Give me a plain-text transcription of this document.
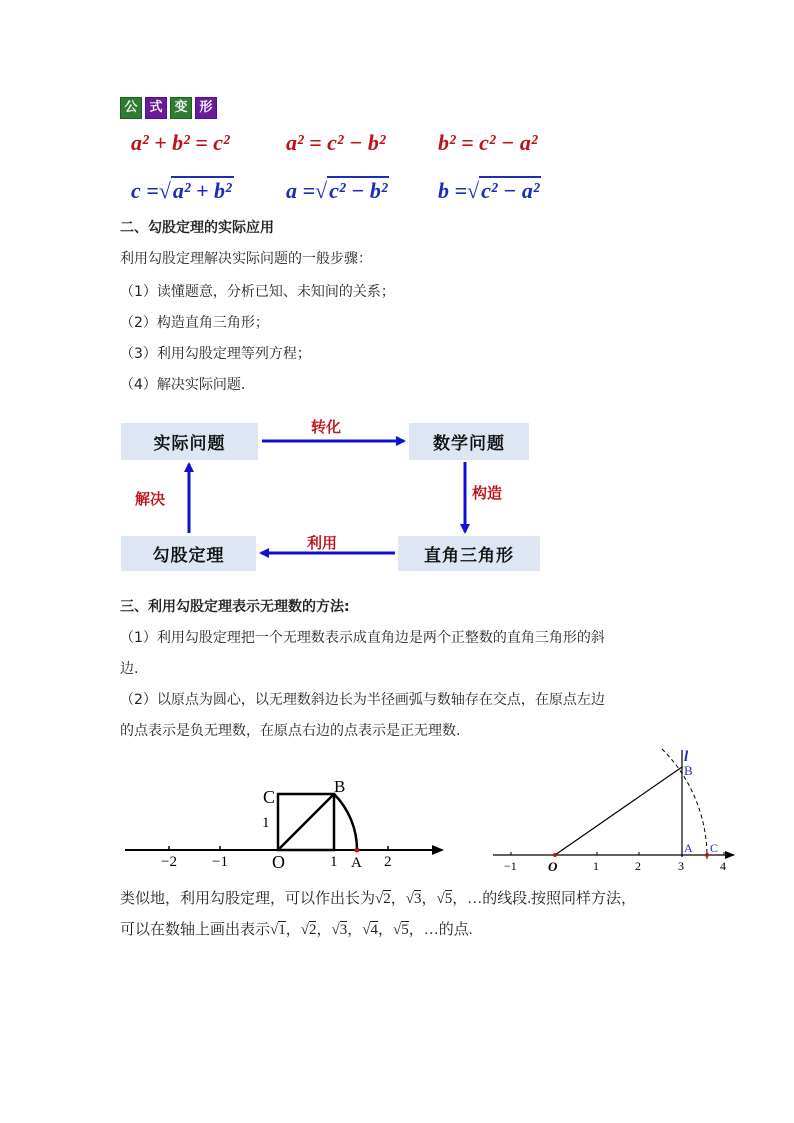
公 式 变 形
a² + b² = c²	a² = c² − b² b² = c² − a²
c =√a² + b² a =√c² − b² b =√c² − a²
二、勾股定理的实际应用
利用勾股定理解决实际问题的一般步骤：
（1）读懂题意，分析已知、未知间的关系；
（2）构造直角三角形；
（3）利用勾股定理等列方程；
（4）解决实际问题.
实际问题	数学问题
直角三角形
勾股定理
转化
构造
利用
解决
三、利用勾股定理表示无理数的方法:
（1）利用勾股定理把一个无理数表示成直角边是两个正整数的直角三角形的斜
边.
（2）以原点为圆心，以无理数斜边长为半径画弧与数轴存在交点，在原点左边
的点表示是负无理数，在原点右边的点表示是正无理数.
−2 −1 O	1 A 2
C
B
1
−1 O	1	2	3	4
l
B
A C
类似地，利用勾股定理，可以作出长为√2，√3，√5，…的线段.按照同样方法，
可以在数轴上画出表示√1，√2，√3，√4，√5，…的点.
